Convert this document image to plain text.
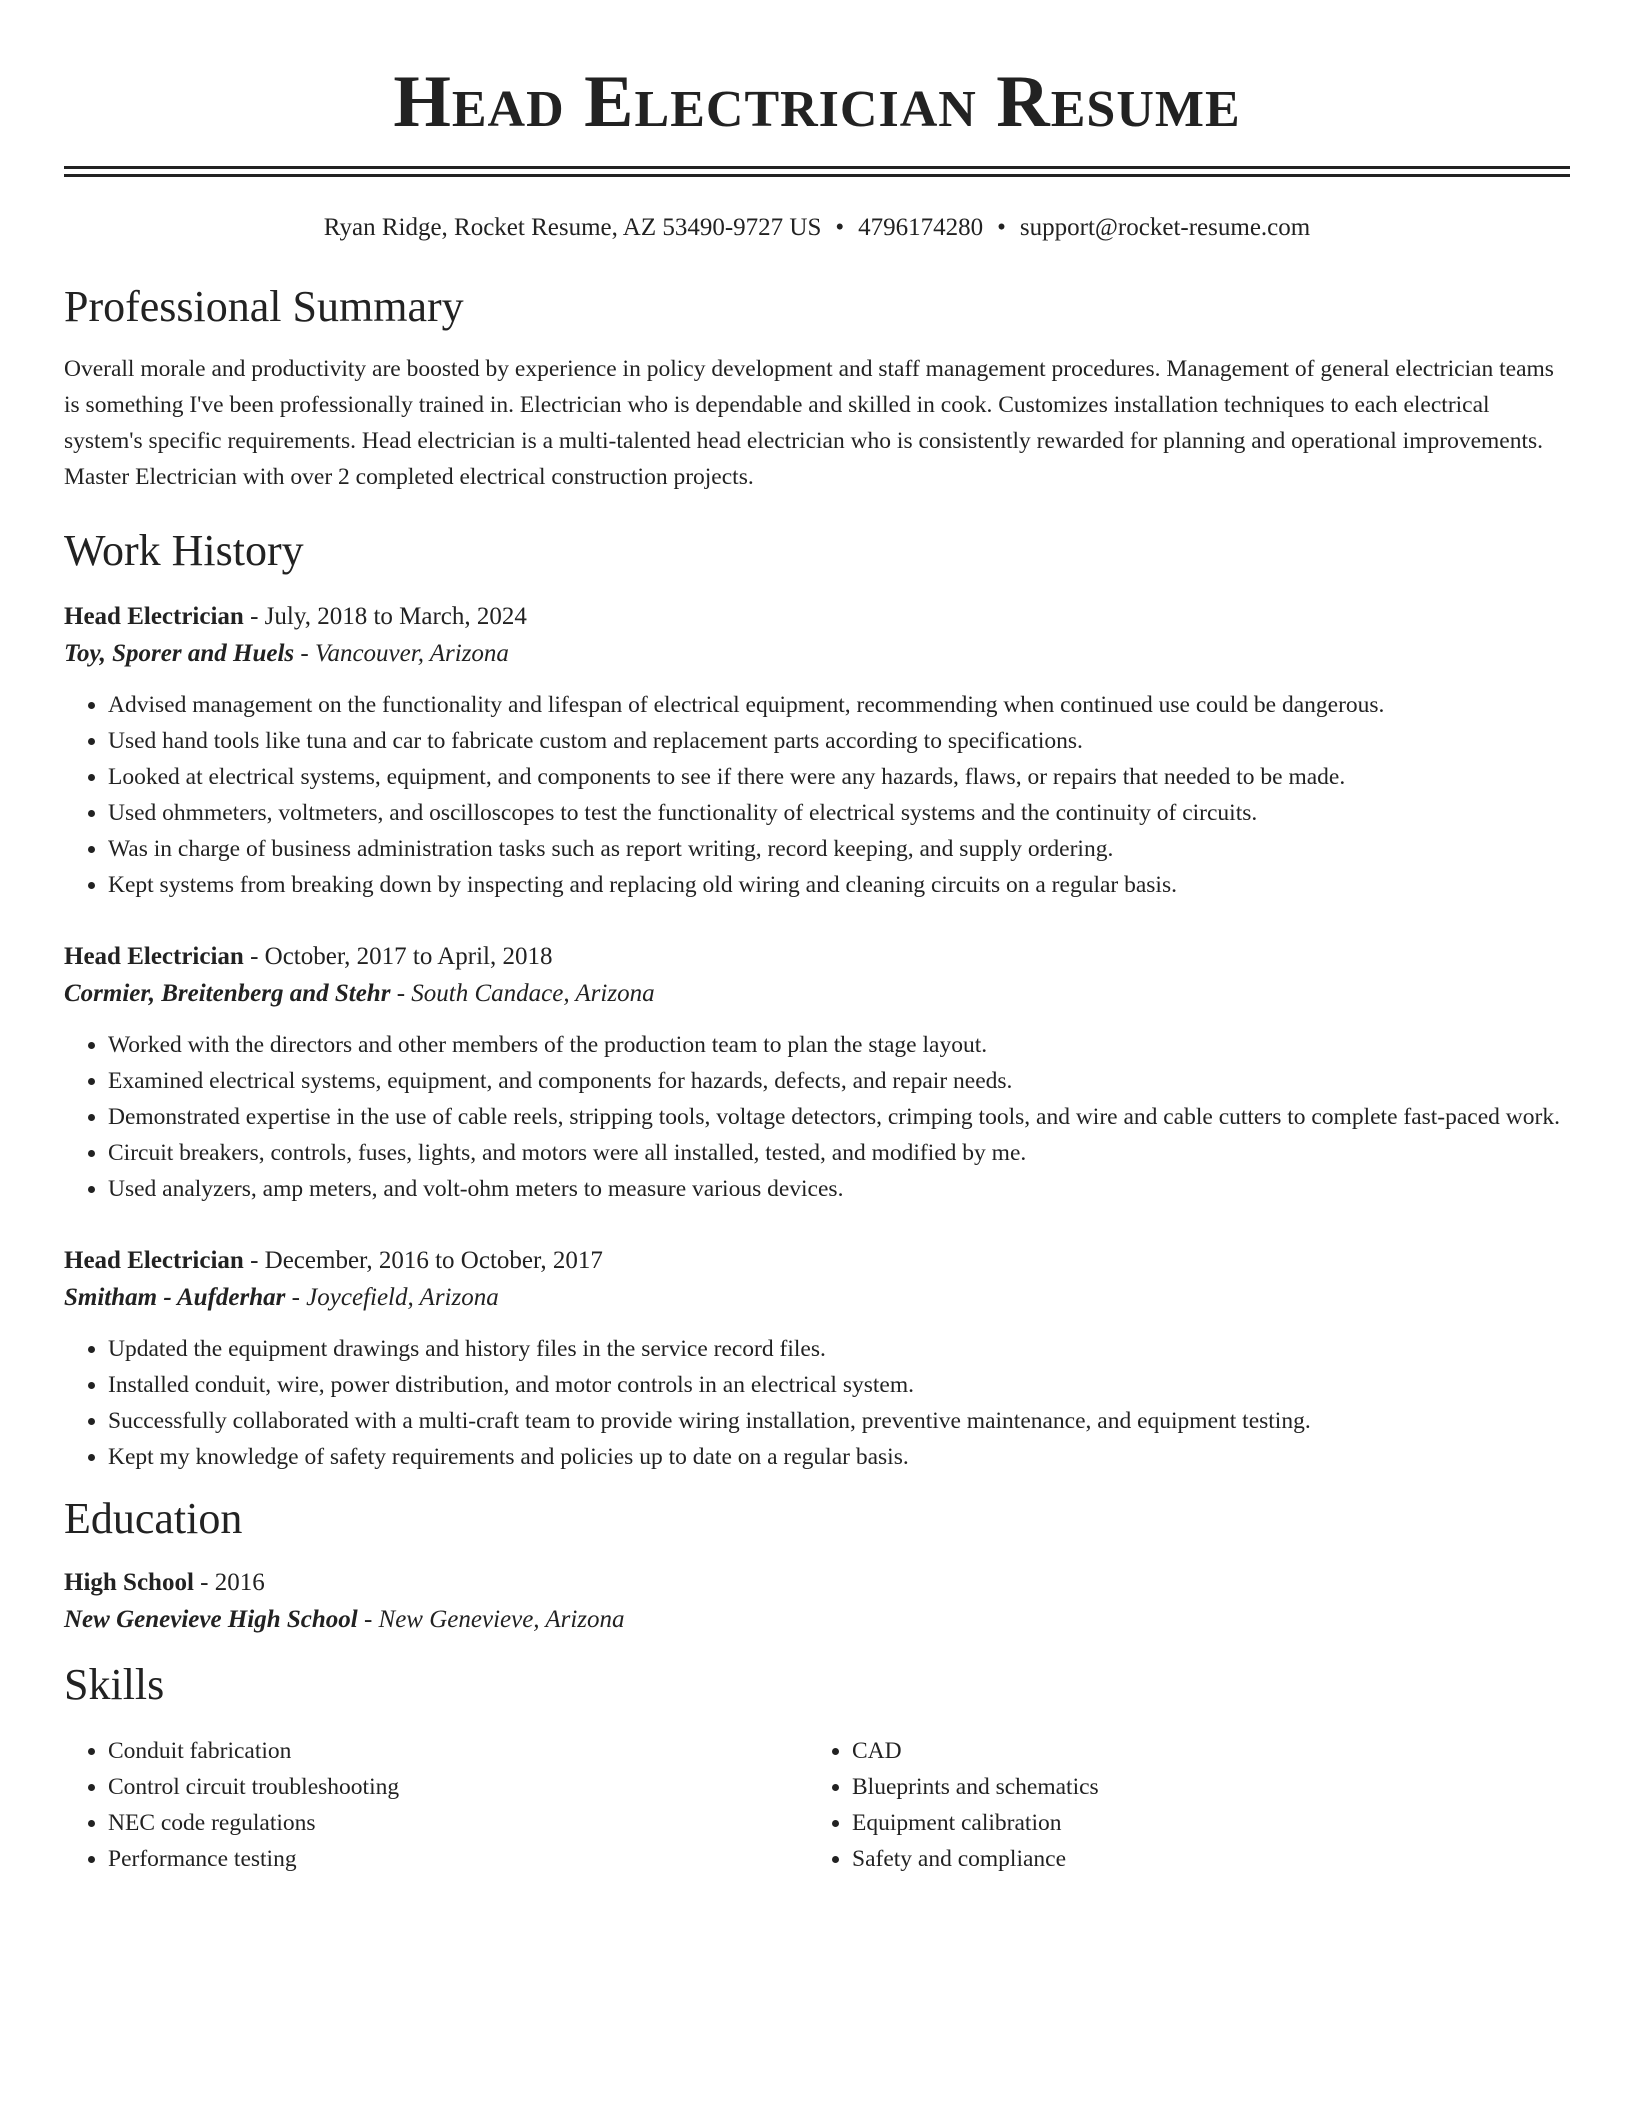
Head Electrician Resume
Ryan Ridge, Rocket Resume, AZ 53490-9727 US • 4796174280 • support@rocket-resume.com
Professional Summary
Overall morale and productivity are boosted by experience in policy development and staff management procedures. Management of general electrician teams is something I've been professionally trained in. Electrician who is dependable and skilled in cook. Customizes installation techniques to each electrical system's specific requirements. Head electrician is a multi-talented head electrician who is consistently rewarded for planning and operational improvements. Master Electrician with over 2 completed electrical construction projects.
Work History
Head Electrician - July, 2018 to March, 2024
Toy, Sporer and Huels - Vancouver, Arizona
• Advised management on the functionality and lifespan of electrical equipment, recommending when continued use could be dangerous.
• Used hand tools like tuna and car to fabricate custom and replacement parts according to specifications.
• Looked at electrical systems, equipment, and components to see if there were any hazards, flaws, or repairs that needed to be made.
• Used ohmmeters, voltmeters, and oscilloscopes to test the functionality of electrical systems and the continuity of circuits.
• Was in charge of business administration tasks such as report writing, record keeping, and supply ordering.
• Kept systems from breaking down by inspecting and replacing old wiring and cleaning circuits on a regular basis.
Head Electrician - October, 2017 to April, 2018
Cormier, Breitenberg and Stehr - South Candace, Arizona
• Worked with the directors and other members of the production team to plan the stage layout.
• Examined electrical systems, equipment, and components for hazards, defects, and repair needs.
• Demonstrated expertise in the use of cable reels, stripping tools, voltage detectors, crimping tools, and wire and cable cutters to complete fast-paced work.
• Circuit breakers, controls, fuses, lights, and motors were all installed, tested, and modified by me.
• Used analyzers, amp meters, and volt-ohm meters to measure various devices.
Head Electrician - December, 2016 to October, 2017
Smitham - Aufderhar - Joycefield, Arizona
• Updated the equipment drawings and history files in the service record files.
• Installed conduit, wire, power distribution, and motor controls in an electrical system.
• Successfully collaborated with a multi-craft team to provide wiring installation, preventive maintenance, and equipment testing.
• Kept my knowledge of safety requirements and policies up to date on a regular basis.
Education
High School - 2016
New Genevieve High School - New Genevieve, Arizona
Skills
• Conduit fabrication
• Control circuit troubleshooting
• NEC code regulations
• Performance testing
• CAD
• Blueprints and schematics
• Equipment calibration
• Safety and compliance
